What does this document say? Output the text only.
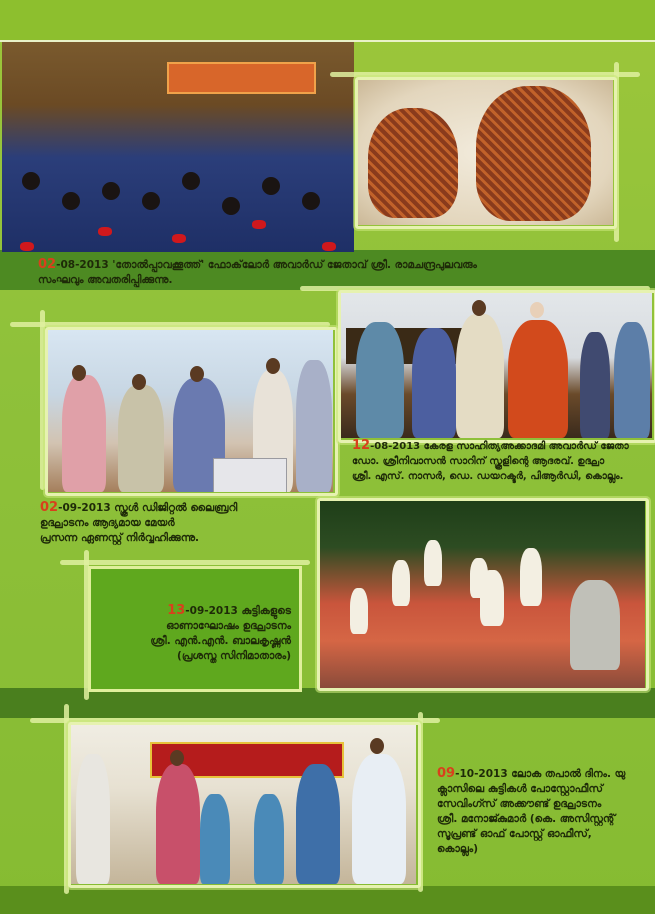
02-08-2013 'തോൽപ്പാവക്കൂത്ത്' ഫോക്‌ലോർ അവാർഡ് ജേതാവ് ശ്രീ. രാമചന്ദ്രപുലവരും
സംഘവും അവതരിപ്പിക്കുന്നു.
12-08-2013 കേരള സാഹിത്യഅക്കാദമി അവാർഡ് ജേതാ
ഡോ. ശ്രീനിവാസൻ സാറിന് സ്കൂളിന്റെ ആദരവ്. ഉദ്ഘാ
ശ്രീ. എസ്. നാസർ, ഡെ. ഡയറക്ടർ, പിആർഡി, കൊല്ലം.
02-09-2013 സ്കൂൾ ഡിജിറ്റൽ ലൈബ്രറി
ഉദ്ഘാടനം ആദ്യമായ മേയർ
പ്രസന്ന ഏണസ്റ്റ് നിർവ്വഹിക്കുന്നു.
13-09-2013 കുട്ടികളുടെ
ഓണാഘോഷം ഉദ്ഘാടനം
ശ്രീ. എൻ.എൻ. ബാലകൃഷ്ണൻ
(പ്രശസ്ത സിനിമാതാരം)
09-10-2013 ലോക തപാൽ ദിനം. യു
ക്ലാസിലെ കുട്ടികൾ പോസ്റ്റോഫീസ്
സേവിംഗ്സ് അക്കൗണ്ട് ഉദ്ഘാടനം
ശ്രീ. മനോജ്കുമാർ (കെ. അസിസ്റ്റന്റ്
സൂപ്രണ്ട് ഓഫ് പോസ്റ്റ് ഓഫീസ്,
കൊല്ലം)
